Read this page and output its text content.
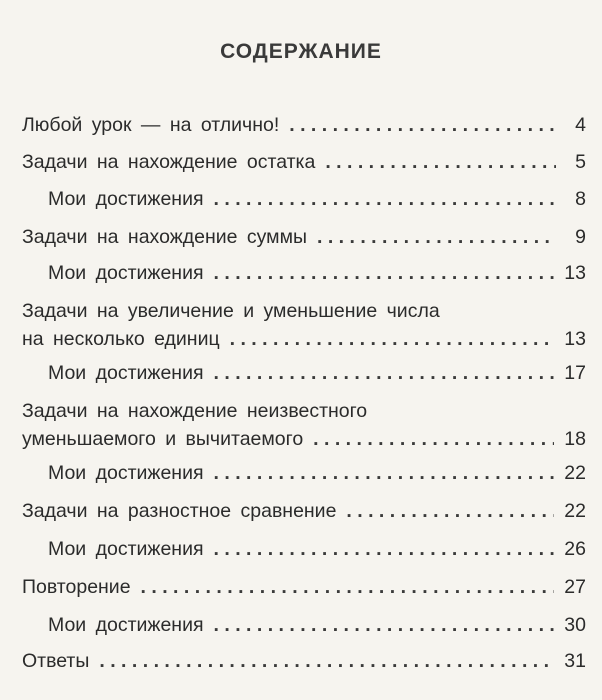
СОДЕРЖАНИЕ
Любой урок — на отлично! . . .	4
Задачи на нахождение остатка . . .	5
Мои достижения . . .	8
Задачи на нахождение суммы . . .	9
Мои достижения . . .	13
Задачи на увеличение и уменьшение числа
на несколько единиц . . .	13
Мои достижения . . .	17
Задачи на нахождение неизвестного
уменьшаемого и вычитаемого . . .	18
Мои достижения . . .	22
Задачи на разностное сравнение . . .	22
Мои достижения . . .	26
Повторение . . .	27
Мои достижения . . .	30
Ответы . . .	31
